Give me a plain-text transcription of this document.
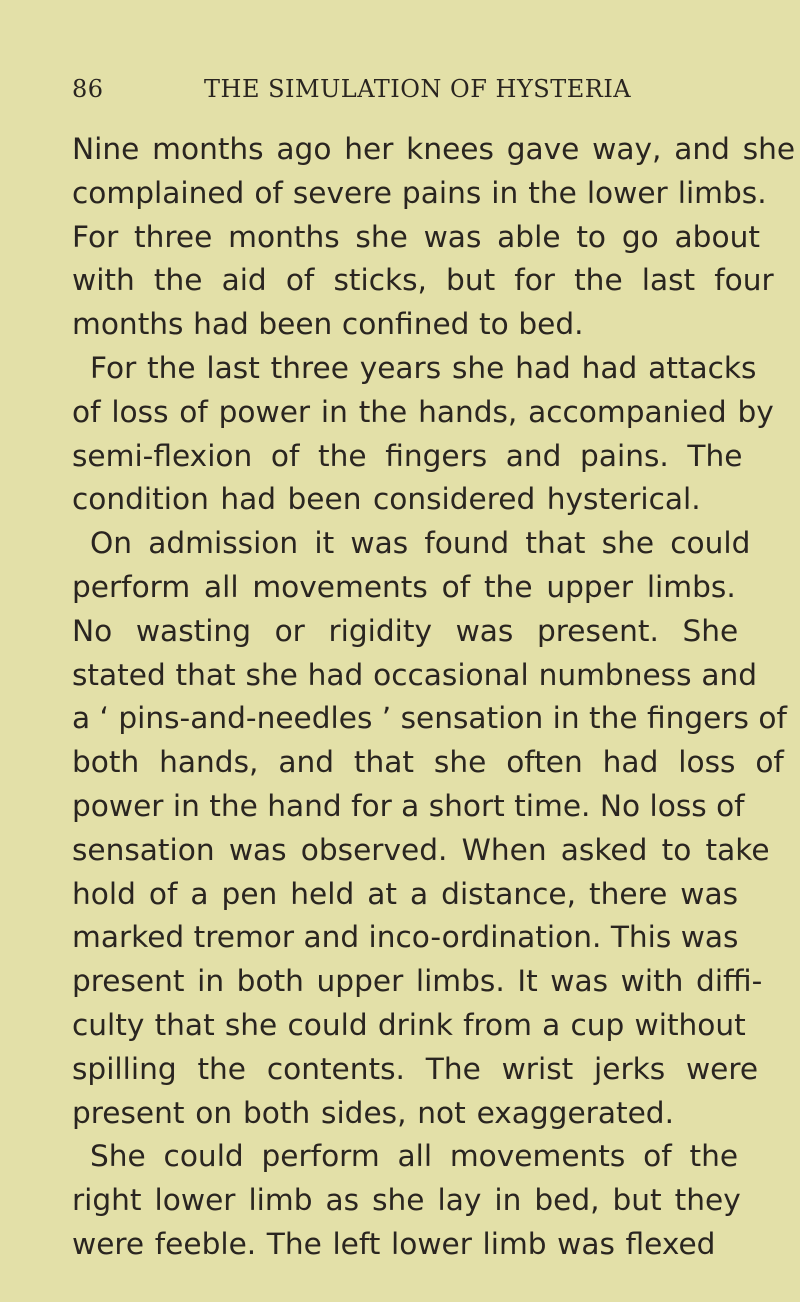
86	THE SIMULATION OF HYSTERIA
Nine months ago her knees gave way, and she
complained of severe pains in the lower limbs.
For three months she was able to go about
with the aid of sticks, but for the last four
months had been confined to bed.
For the last three years she had had attacks
of loss of power in the hands, accompanied by
semi-flexion of the fingers and pains. The
condition had been considered hysterical.
On admission it was found that she could
perform all movements of the upper limbs.
No wasting or rigidity was present. She
stated that she had occasional numbness and
a ‘ pins-and-needles ’ sensation in the fingers of
both hands, and that she often had loss of
power in the hand for a short time. No loss of
sensation was observed. When asked to take
hold of a pen held at a distance, there was
marked tremor and inco-ordination. This was
present in both upper limbs. It was with diffi-
culty that she could drink from a cup without
spilling the contents. The wrist jerks were
present on both sides, not exaggerated.
She could perform all movements of the
right lower limb as she lay in bed, but they
were feeble. The left lower limb was flexed
